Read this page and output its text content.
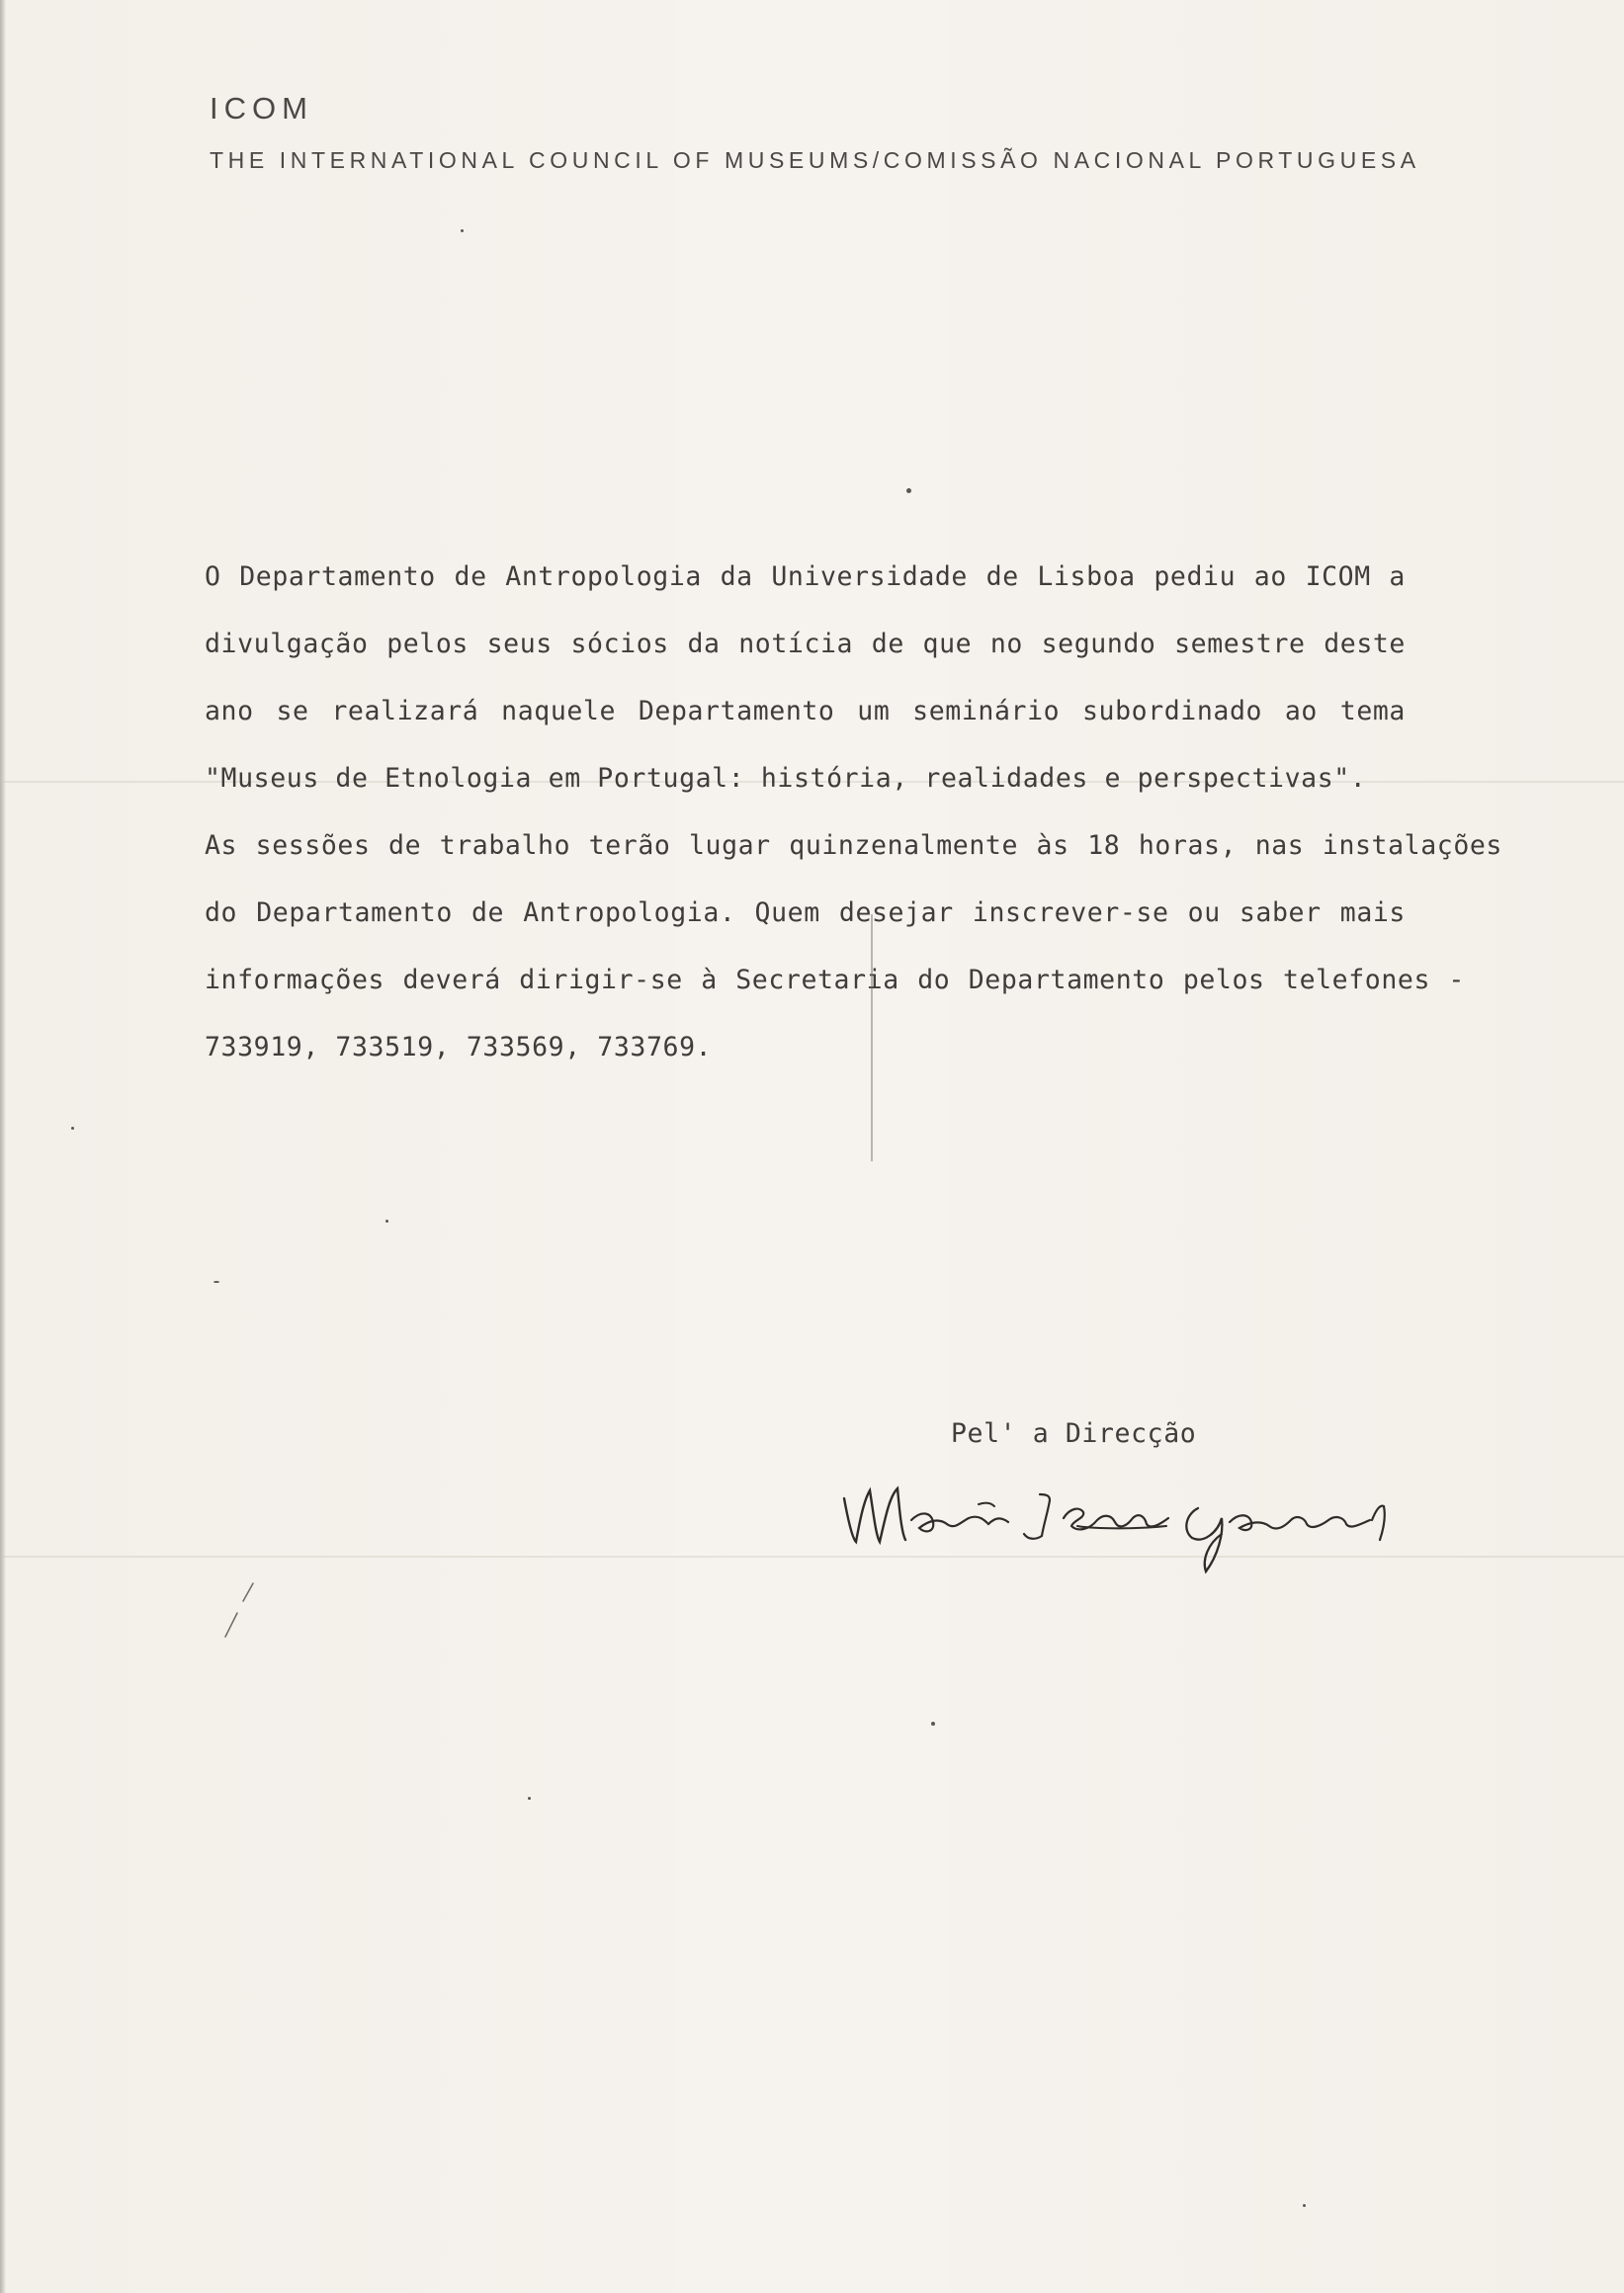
ICOM
THE INTERNATIONAL COUNCIL OF MUSEUMS/COMISSÃO NACIONAL PORTUGUESA
O Departamento de Antropologia da Universidade de Lisboa pediu ao ICOM a
divulgação pelos seus sócios da notícia de que no segundo semestre deste
ano se realizará naquele Departamento um seminário subordinado ao tema
"Museus de Etnologia em Portugal: história, realidades e perspectivas".
As sessões de trabalho terão lugar quinzenalmente às 18 horas, nas instalações
do Departamento de Antropologia. Quem desejar inscrever-se ou saber mais
informações deverá dirigir-se à Secretaria do Departamento pelos telefones -
733919, 733519, 733569, 733769.
Pel' a Direcção
